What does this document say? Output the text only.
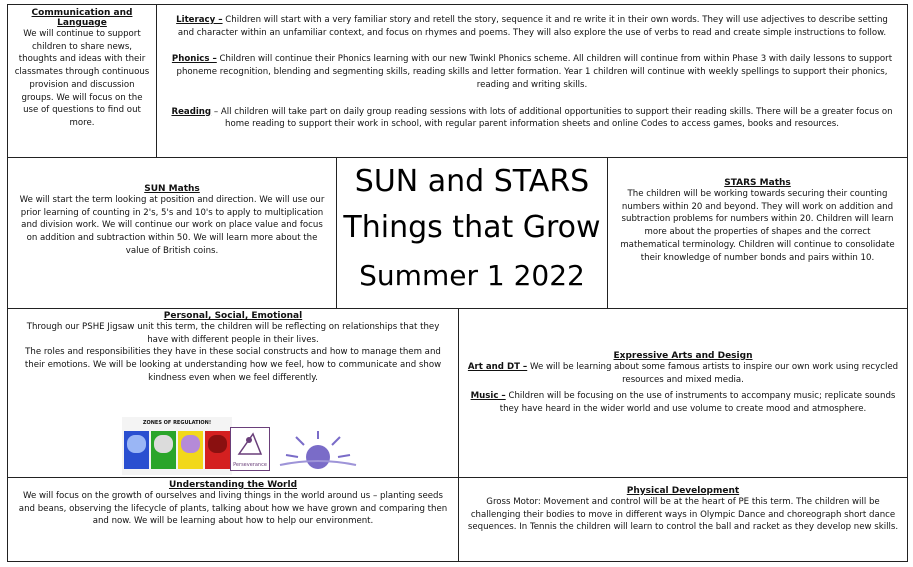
Communication and Language

We will continue to support children to share news, thoughts and ideas with their classmates through continuous provision and discussion groups. We will focus on the use of questions to find out more.

Literacy – Children will start with a very familiar story and retell the story, sequence it and re write it in their own words. They will use adjectives to describe setting and character within an unfamiliar context, and focus on rhymes and poems. They will also explore the use of verbs to read and create simple instructions to follow.

Phonics – Children will continue their Phonics learning with our new Twinkl Phonics scheme. All children will continue from within Phase 3 with daily lessons to support phoneme recognition, blending and segmenting skills, reading skills and letter formation. Year 1 children will continue with weekly spellings to support their phonics, reading and writing skills.

Reading – All children will take part on daily group reading sessions with lots of additional opportunities to support their reading skills. There will be a greater focus on home reading to support their work in school, with regular parent information sheets and online Codes to access games, books and resources.

SUN Maths

We will start the term looking at position and direction. We will use our prior learning of counting in 2's, 5's and 10's to apply to multiplication and division work. We will continue our work on place value and focus on addition and subtraction within 50. We will learn more about the value of British coins.

SUN and STARS
Things that Grow
Summer 1 2022
STARS Maths

The children will be working towards securing their counting numbers within 20 and beyond. They will work on addition and subtraction problems for numbers within 20. Children will learn more about the properties of shapes and the correct mathematical terminology. Children will continue to consolidate their knowledge of number bonds and pairs within 10.

Personal, Social, Emotional

Through our PSHE Jigsaw unit this term, the children will be reflecting on relationships that they have with different people in their lives.

The roles and responsibilities they have in these social constructs and how to manage them and their emotions. We will be looking at understanding how we feel, how to communicate and show kindness even when we feel differently.

ZONES OF REGULATION!
Perseverance
Expressive Arts and Design

Art and DT – We will be learning about some famous artists to inspire our own work using recycled resources and mixed media.

Music – Children will be focusing on the use of instruments to accompany music; replicate sounds they have heard in the wider world and use volume to create mood and atmosphere.

Understanding the World

We will focus on the growth of ourselves and living things in the world around us – planting seeds and beans, observing the lifecycle of plants, talking about how we have grown and comparing then and now. We will be learning about how to help our environment.

Physical Development

Gross Motor: Movement and control will be at the heart of PE this term. The children will be challenging their bodies to move in different ways in Olympic Dance and choreograph short dance sequences. In Tennis the children will learn to control the ball and racket as they develop new skills.
